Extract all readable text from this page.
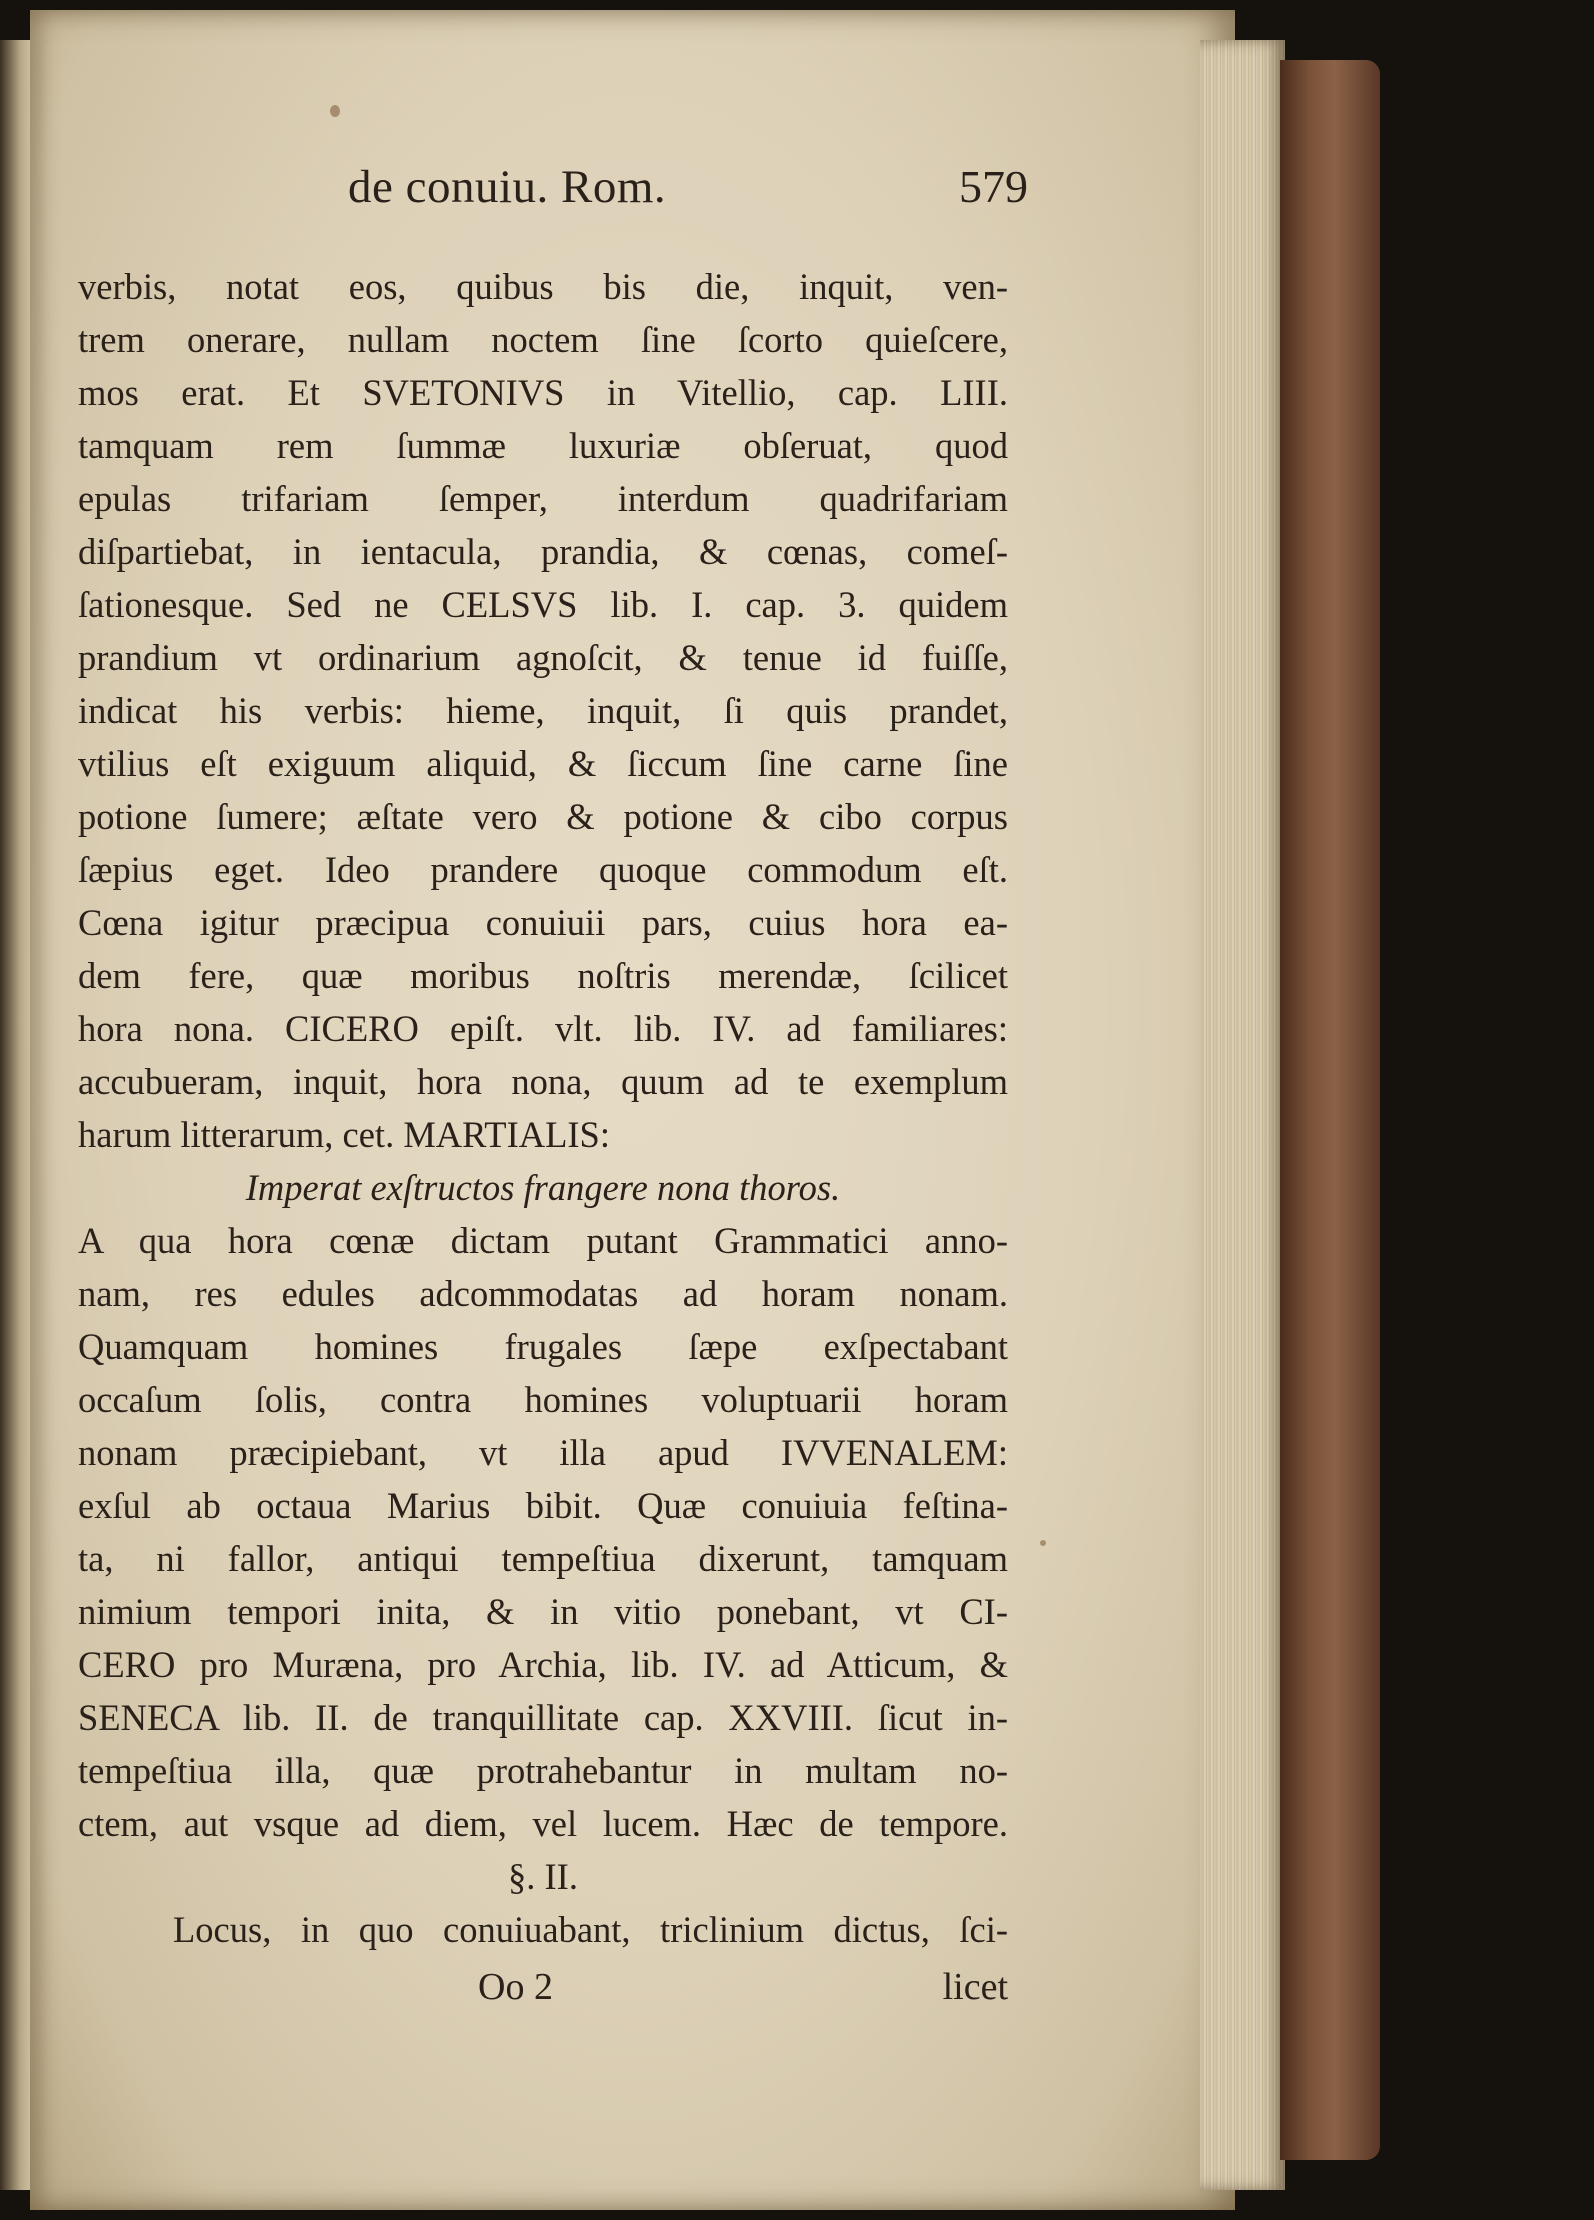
de conuiu. Rom.	579
verbis, notat eos, quibus bis die, inquit, ven-
trem onerare, nullam noctem ſine ſcorto quieſcere,
mos erat. Et SVETONIVS in Vitellio, cap. LIII.
tamquam rem ſummæ luxuriæ obſeruat, quod
epulas trifariam ſemper, interdum quadrifariam
diſpartiebat, in ientacula, prandia, & cœnas, comeſ-
ſationesque. Sed ne CELSVS lib. I. cap. 3. quidem
prandium vt ordinarium agnoſcit, & tenue id fuiſſe,
indicat his verbis: hieme, inquit, ſi quis prandet,
vtilius eſt exiguum aliquid, & ſiccum ſine carne ſine
potione ſumere; æſtate vero & potione & cibo corpus
ſæpius eget. Ideo prandere quoque commodum eſt.
Cœna igitur præcipua conuiuii pars, cuius hora ea-
dem fere, quæ moribus noſtris merendæ, ſcilicet
hora nona. CICERO epiſt. vlt. lib. IV. ad familiares:
accubueram, inquit, hora nona, quum ad te exemplum
harum litterarum, cet. MARTIALIS:
Imperat exſtructos frangere nona thoros.
A qua hora cœnæ dictam putant Grammatici anno-
nam, res edules adcommodatas ad horam nonam.
Quamquam homines frugales ſæpe exſpectabant
occaſum ſolis, contra homines voluptuarii horam
nonam præcipiebant, vt illa apud IVVENALEM:
exſul ab octaua Marius bibit. Quæ conuiuia feſtina-
ta, ni fallor, antiqui tempeſtiua dixerunt, tamquam
nimium tempori inita, & in vitio ponebant, vt CI-
CERO pro Muræna, pro Archia, lib. IV. ad Atticum, &
SENECA lib. II. de tranquillitate cap. XXVIII. ſicut in-
tempeſtiua illa, quæ protrahebantur in multam no-
ctem, aut vsque ad diem, vel lucem. Hæc de tempore.
§. II.
Locus, in quo conuiuabant, triclinium dictus, ſci-
Oo 2	licet
